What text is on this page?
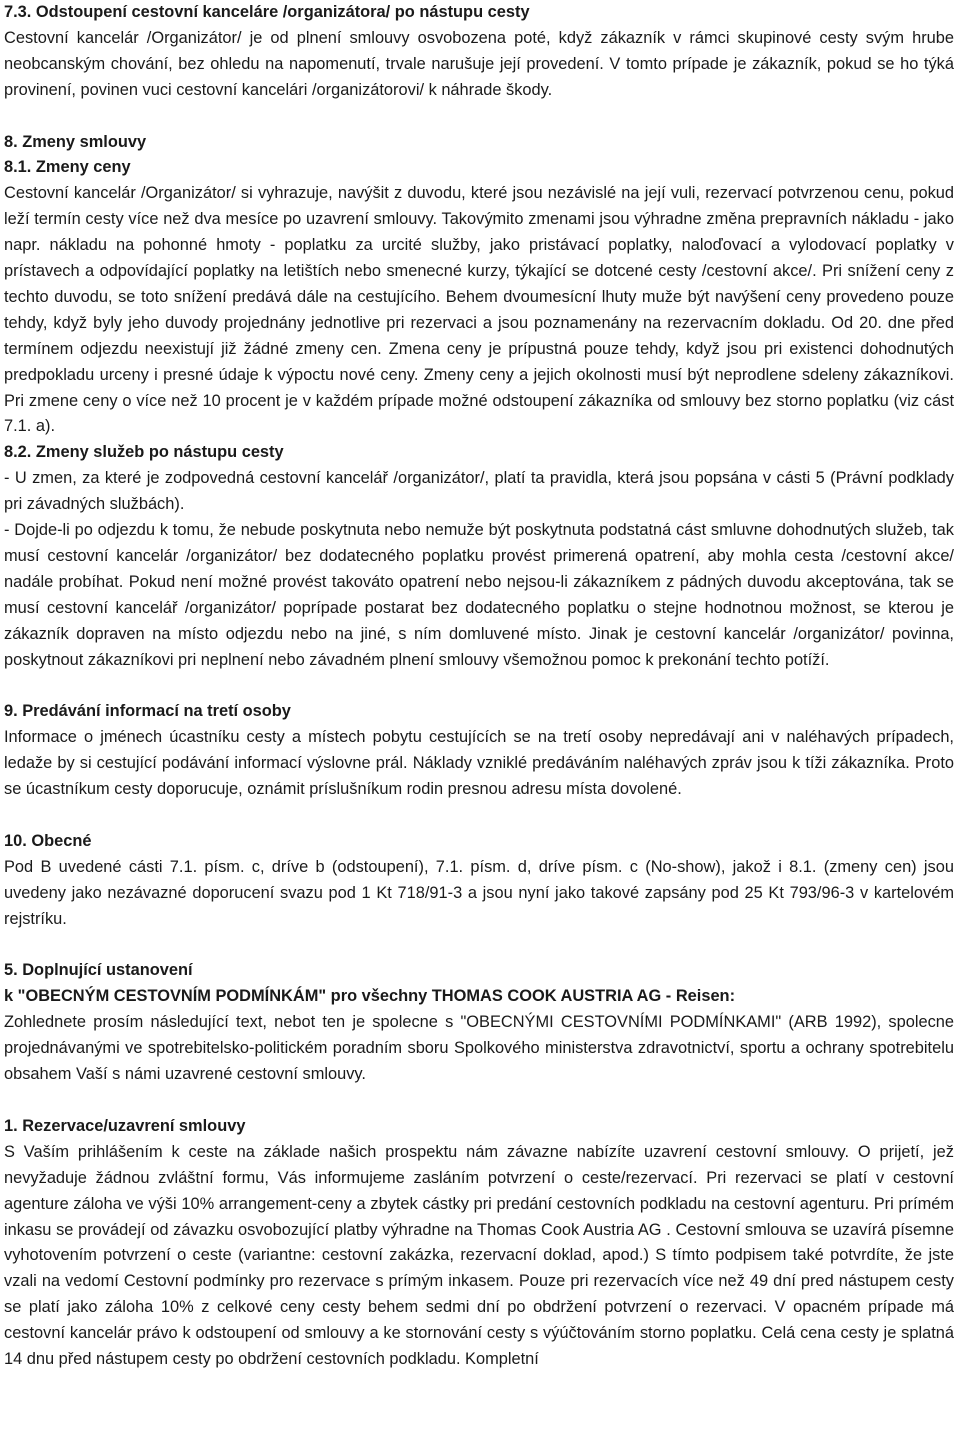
7.3. Odstoupení cestovní kanceláre /organizátora/ po nástupu cesty

Cestovní kancelár /Organizátor/ je od plnení smlouvy osvobozena poté, když zákazník v rámci skupinové cesty svým hrube neobcanským chování, bez ohledu na napomenutí, trvale narušuje její provedení. V tomto prípade je zákazník, pokud se ho týká provinení, povinen vuci cestovní kancelári /organizátorovi/ k náhrade škody.

8. Zmeny smlouvy
8.1. Zmeny ceny

Cestovní kancelár /Organizátor/ si vyhrazuje, navýšit z duvodu, které jsou nezávislé na její vuli, rezervací potvrzenou cenu, pokud leží termín cesty více než dva mesíce po uzavrení smlouvy. Takovýmito zmenami jsou výhradne změna prepravních nákladu - jako napr. nákladu na pohonné hmoty - poplatku za urcité služby, jako pristávací poplatky, naloďovací a vylodovací poplatky v prístavech a odpovídající poplatky na letištích nebo smenecné kurzy, týkající se dotcené cesty /cestovní akce/. Pri snížení ceny z techto duvodu, se toto snížení predává dále na cestujícího. Behem dvoumesícní lhuty muže být navýšení ceny provedeno pouze tehdy, když byly jeho duvody projednány jednotlive pri rezervaci a jsou poznamenány na rezervacním dokladu. Od 20. dne před termínem odjezdu neexistují již žádné zmeny cen. Zmena ceny je prípustná pouze tehdy, když jsou pri existenci dohodnutých predpokladu urceny i presné údaje k výpoctu nové ceny. Zmeny ceny a jejich okolnosti musí být neprodlene sdeleny zákazníkovi. Pri zmene ceny o více než 10 procent je v každém prípade možné odstoupení zákazníka od smlouvy bez storno poplatku (viz cást 7.1. a).

8.2. Zmeny služeb po nástupu cesty

- U zmen, za které je zodpovedná cestovní kancelář /organizátor/, platí ta pravidla, která jsou popsána v cásti 5 (Právní podklady pri závadných službách).

- Dojde-li po odjezdu k tomu, že nebude poskytnuta nebo nemuže být poskytnuta podstatná cást smluvne dohodnutých služeb, tak musí cestovní kancelár /organizátor/ bez dodatecného poplatku provést primerená opatrení, aby mohla cesta /cestovní akce/ nadále probíhat. Pokud není možné provést takováto opatrení nebo nejsou-li zákazníkem z pádných duvodu akceptována, tak se musí cestovní kancelář /organizátor/ poprípade postarat bez dodatecného poplatku o stejne hodnotnou možnost, se kterou je zákazník dopraven na místo odjezdu nebo na jiné, s ním domluvené místo. Jinak je cestovní kancelár /organizátor/ povinna, poskytnout zákazníkovi pri neplnení nebo závadném plnení smlouvy všemožnou pomoc k prekonání techto potíží.

9. Predávání informací na tretí osoby

Informace o jménech úcastníku cesty a místech pobytu cestujících se na tretí osoby nepredávají ani v naléhavých prípadech, ledaže by si cestující podávání informací výslovne prál. Náklady vzniklé predáváním naléhavých zpráv jsou k tíži zákazníka. Proto se úcastníkum cesty doporucuje, oznámit príslušníkum rodin presnou adresu místa dovolené.

10. Obecné

Pod B uvedené cásti 7.1. písm. c, dríve b (odstoupení), 7.1. písm. d, dríve písm. c (No-show), jakož i 8.1. (zmeny cen) jsou uvedeny jako nezávazné doporucení svazu pod 1 Kt 718/91-3 a jsou nyní jako takové zapsány pod 25 Kt 793/96-3 v kartelovém rejstríku.

5. Doplnující ustanovení
k "OBECNÝM CESTOVNÍM PODMÍNKÁM" pro všechny THOMAS COOK AUSTRIA AG - Reisen:

Zohlednete prosím následující text, nebot ten je spolecne s "OBECNÝMI CESTOVNÍMI PODMÍNKAMI" (ARB 1992), spolecne projednávanými ve spotrebitelsko-politickém poradním sboru Spolkového ministerstva zdravotnictví, sportu a ochrany spotrebitelu obsahem Vaší s námi uzavrené cestovní smlouvy.

1. Rezervace/uzavrení smlouvy

S Vaším prihlášením k ceste na základe našich prospektu nám závazne nabízíte uzavrení cestovní smlouvy. O prijetí, jež nevyžaduje žádnou zvláštní formu, Vás informujeme zasláním potvrzení o ceste/rezervací. Pri rezervaci se platí v cestovní agenture záloha ve výši 10% arrangement-ceny a zbytek cástky pri predání cestovních podkladu na cestovní agenturu. Pri prímém inkasu se provádejí od závazku osvobozující platby výhradne na Thomas Cook Austria AG . Cestovní smlouva se uzavírá písemne vyhotovením potvrzení o ceste (variantne: cestovní zakázka, rezervacní doklad, apod.) S tímto podpisem také potvrdíte, že jste vzali na vedomí Cestovní podmínky pro rezervace s prímým inkasem. Pouze pri rezervacích více než 49 dní pred nástupem cesty se platí jako záloha 10% z celkové ceny cesty behem sedmi dní po obdržení potvrzení o rezervaci. V opacném prípade má cestovní kancelár právo k odstoupení od smlouvy a ke stornování cesty s výúčtováním storno poplatku. Celá cena cesty je splatná 14 dnu před nástupem cesty po obdržení cestovních podkladu. Kompletní
